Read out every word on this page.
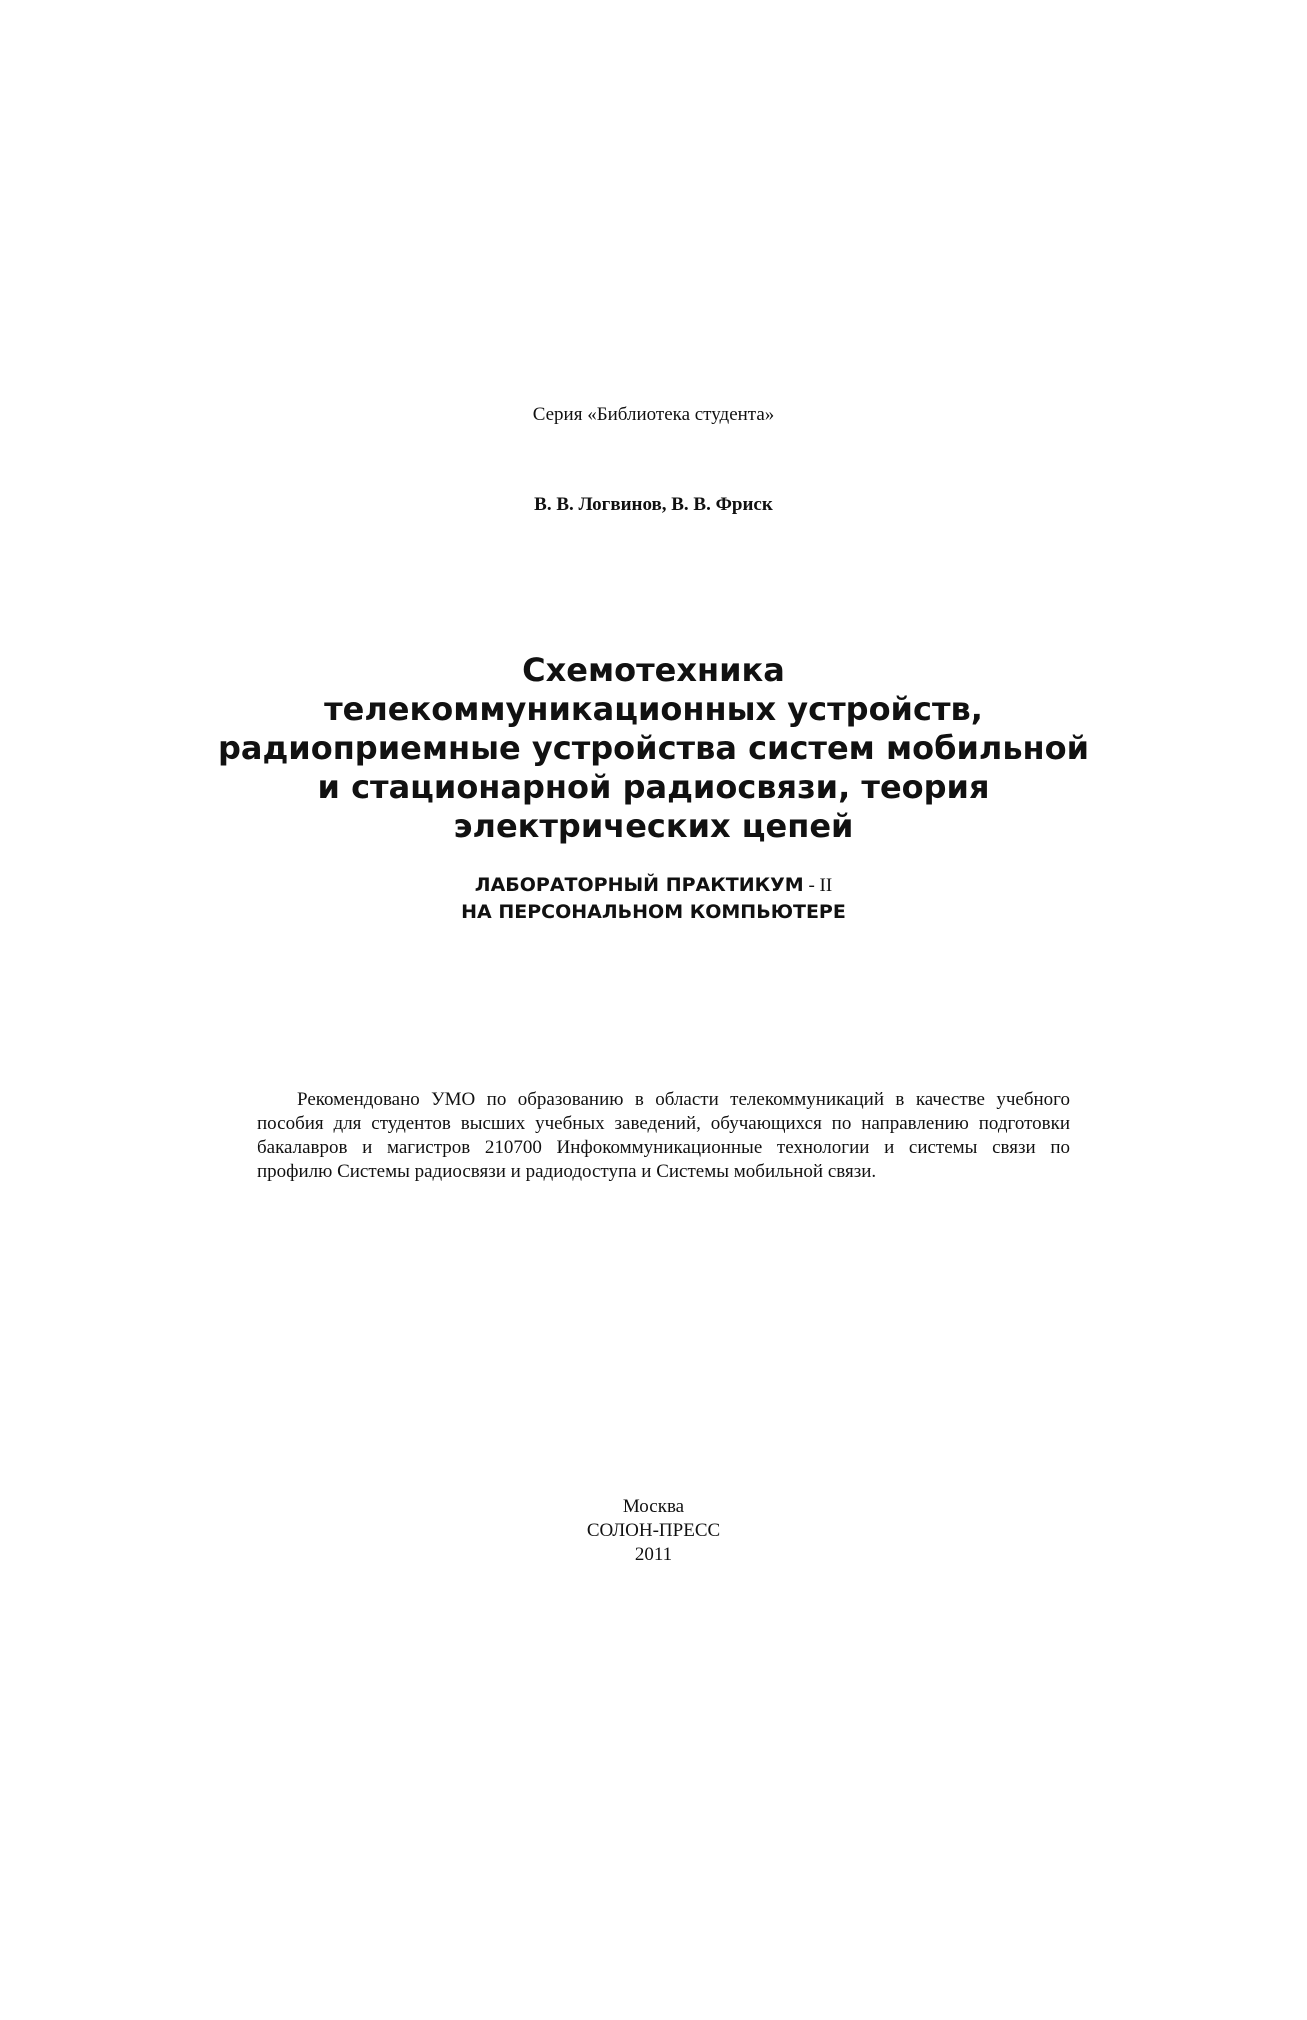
Серия «Библиотека студента»
В. В. Логвинов, В. В. Фриск
Схемотехника
телекоммуникационных устройств,
радиоприемные устройства систем мобильной
и стационарной радиосвязи, теория
электрических цепей
ЛАБОРАТОРНЫЙ ПРАКТИКУМ - II
НА ПЕРСОНАЛЬНОМ КОМПЬЮТЕРЕ
Рекомендовано УМО по образованию в области телекоммуникаций в качестве учебного
пособия для студентов высших учебных заведений, обучающихся по направлению подготовки
бакалавров и магистров 210700 Инфокоммуникационные технологии и системы связи по
профилю Системы радиосвязи и радиодоступа и Системы мобильной связи.
Москва
СОЛОН-ПРЕСС
2011
